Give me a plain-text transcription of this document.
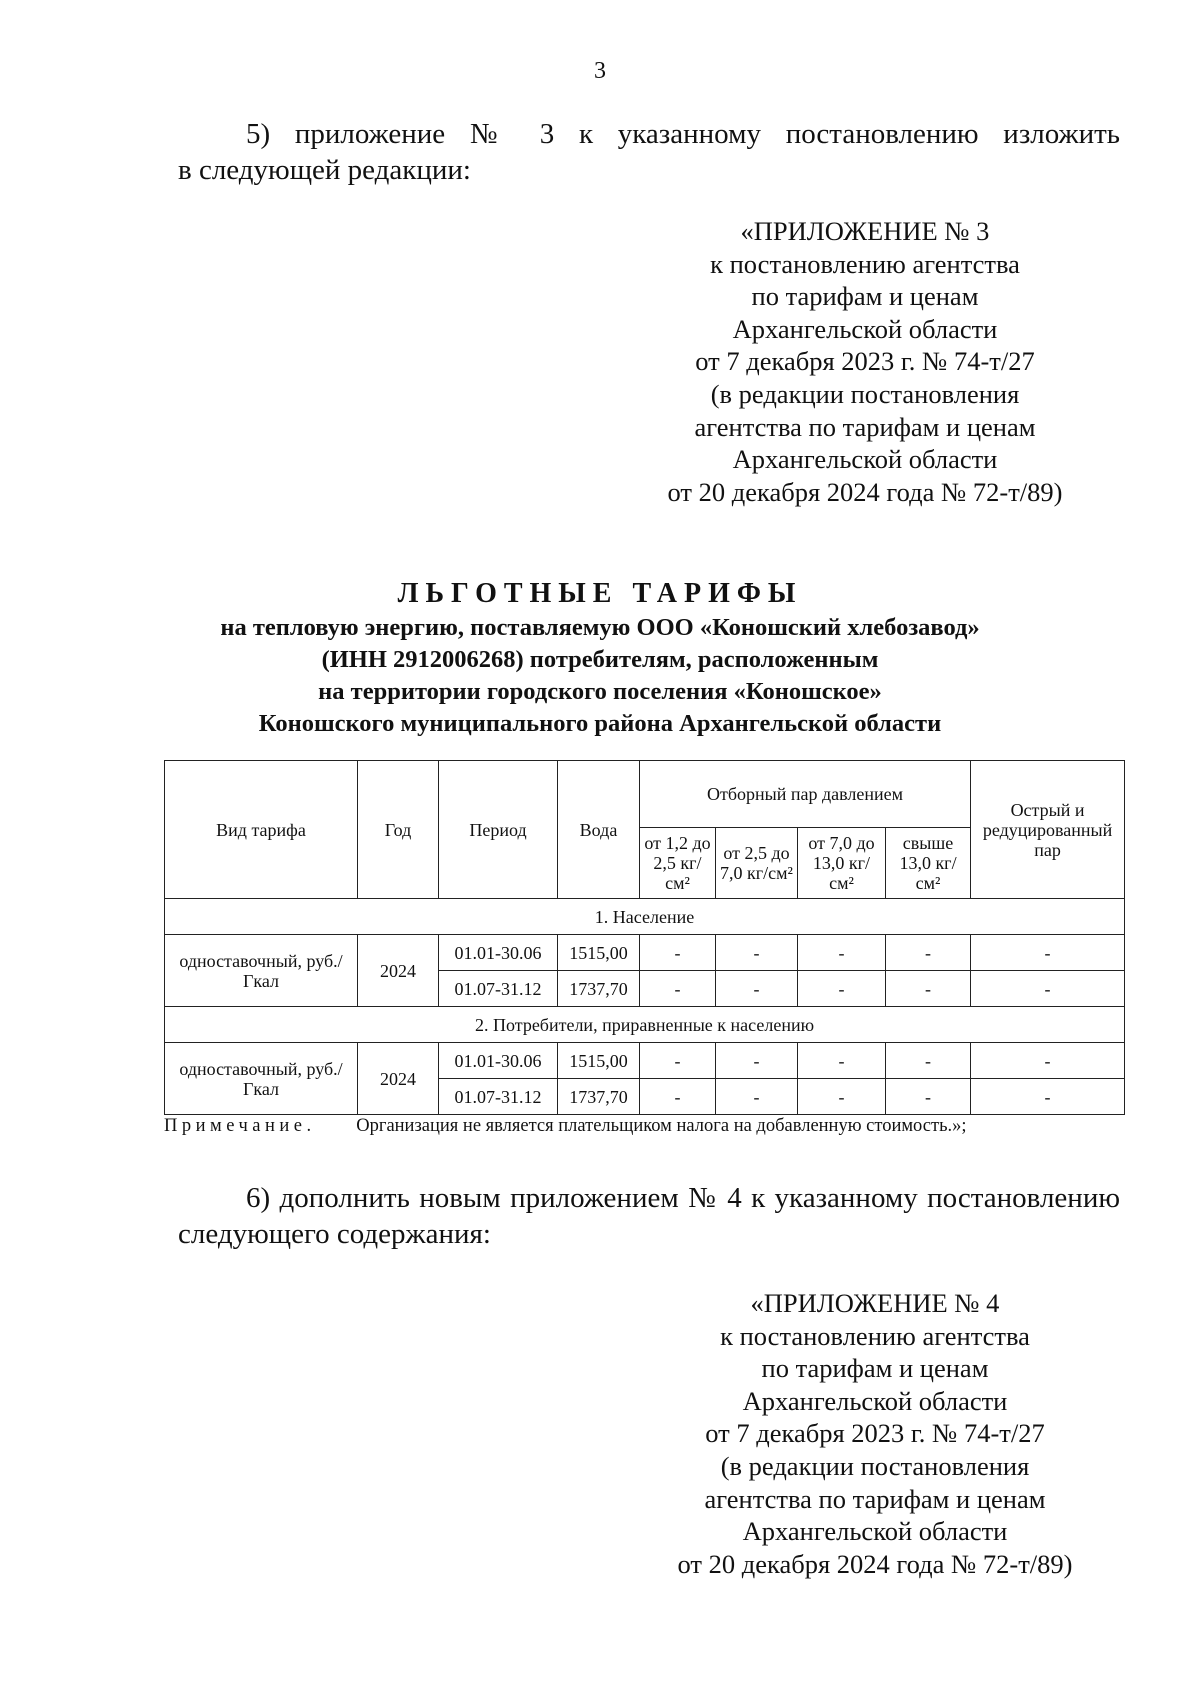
3
5) приложение № 3 к указанному постановлению изложить
в следующей редакции:
«ПРИЛОЖЕНИЕ № 3
к постановлению агентства
по тарифам и ценам
Архангельской области
от 7 декабря 2023 г. № 74-т/27
(в редакции постановления
агентства по тарифам и ценам
Архангельской области
от 20 декабря 2024 года № 72-т/89)
ЛЬГОТНЫЕ ТАРИФЫ
на тепловую энергию, поставляемую ООО «Коношский хлебозавод»
(ИНН 2912006268) потребителям, расположенным
на территории городского поселения «Коношское»
Коношского муниципального района Архангельской области
Вид тарифа	Год	Период	Вода	Отборный пар давлением				Острый и редуцированный пар
				от 1,2 до 2,5 кг/см²	от 2,5 до 7,0 кг/см²	от 7,0 до 13,0 кг/см²	свыше 13,0 кг/см²	
1. Население								
одноставочный, руб./Гкал	2024	01.01-30.06	1515,00	-	-	-	-	-
		01.07-31.12	1737,70	-	-	-	-	-
2. Потребители, приравненные к населению								
одноставочный, руб./Гкал	2024	01.01-30.06	1515,00	-	-	-	-	-
		01.07-31.12	1737,70	-	-	-	-	-
Примечание. Организация не является плательщиком налога на добавленную стоимость.»;
6) дополнить новым приложением № 4 к указанному постановлению
следующего содержания:
«ПРИЛОЖЕНИЕ № 4
к постановлению агентства
по тарифам и ценам
Архангельской области
от 7 декабря 2023 г. № 74-т/27
(в редакции постановления
агентства по тарифам и ценам
Архангельской области
от 20 декабря 2024 года № 72-т/89)
